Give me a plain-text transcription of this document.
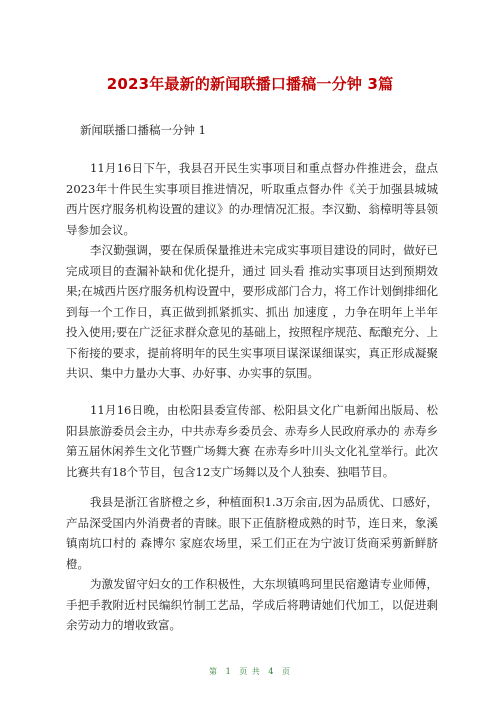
2023年最新的新闻联播口播稿一分钟 3篇
新闻联播口播稿一分钟 1

11月16日下午，我县召开民生实事项目和重点督办件推进会，盘点2023年十件民生实事项目推进情况，听取重点督办件《关于加强县城城西片医疗服务机构设置的建议》的办理情况汇报。李汉勤、翁樟明等县领导参加会议。

李汉勤强调，要在保质保量推进未完成实事项目建设的同时，做好已完成项目的查漏补缺和优化提升，通过 回头看 推动实事项目达到预期效果;在城西片医疗服务机构设置中，要形成部门合力，将工作计划倒排细化到每一个工作日，真正做到抓紧抓实、抓出 加速度 ，力争在明年上半年投入使用;要在广泛征求群众意见的基础上，按照程序规范、酝酿充分、上下衔接的要求，提前将明年的民生实事项目谋深谋细谋实，真正形成凝聚共识、集中力量办大事、办好事、办实事的氛围。

11月16日晚，由松阳县委宣传部、松阳县文化广电新闻出版局、松阳县旅游委员会主办，中共赤寿乡委员会、赤寿乡人民政府承办的 赤寿乡第五届休闲养生文化节暨广场舞大赛 在赤寿乡叶川头文化礼堂举行。此次比赛共有18个节目，包含12支广场舞以及个人独奏、独唱节目。

我县是浙江省脐橙之乡，种植面积1.3万余亩,因为品质优、口感好，产品深受国内外消费者的青睐。眼下正值脐橙成熟的时节，连日来，象溪镇南坑口村的 森博尔 家庭农场里，采工们正在为宁波订货商采剪新鲜脐橙。

为激发留守妇女的工作积极性，大东坝镇鸣珂里民宿邀请专业师傅，手把手教附近村民编织竹制工艺品，学成后将聘请她们代加工，以促进剩余劳动力的增收致富。

第 1 页 共 4 页
